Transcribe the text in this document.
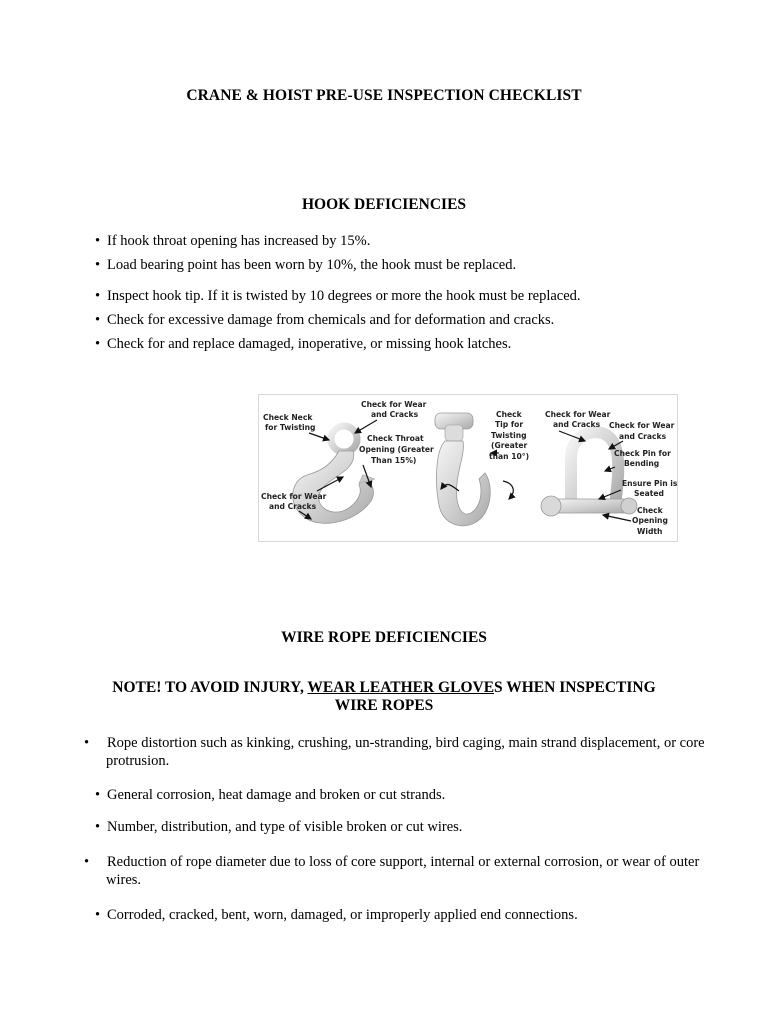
CRANE & HOIST PRE-USE INSPECTION CHECKLIST
HOOK DEFICIENCIES
• If hook throat opening has increased by 15%.
• Load bearing point has been worn by 10%, the hook must be replaced.
• Inspect hook tip. If it is twisted by 10 degrees or more the hook must be replaced.
• Check for excessive damage from chemicals and for deformation and cracks.
• Check for and replace damaged, inoperative, or missing hook latches.
Check Neck
for Twisting
Check for Wear
and Cracks
Check Throat
Opening (Greater
Than 15%)
Check for Wear
and Cracks
Check
Tip for
Twisting
(Greater
than 10°)
Check for Wear
and Cracks Check for Wear
and Cracks
Check Pin for
Bending
Ensure Pin is
Seated
Check
Opening
Width
WIRE ROPE DEFICIENCIES
NOTE! TO AVOID INJURY, WEAR LEATHER GLOVES WHEN INSPECTING WIRE ROPES
• Rope distortion such as kinking, crushing, un-stranding, bird caging, main strand displacement, or core protrusion.
• General corrosion, heat damage and broken or cut strands.
• Number, distribution, and type of visible broken or cut wires.
• Reduction of rope diameter due to loss of core support, internal or external corrosion, or wear of outer wires.
• Corroded, cracked, bent, worn, damaged, or improperly applied end connections.
